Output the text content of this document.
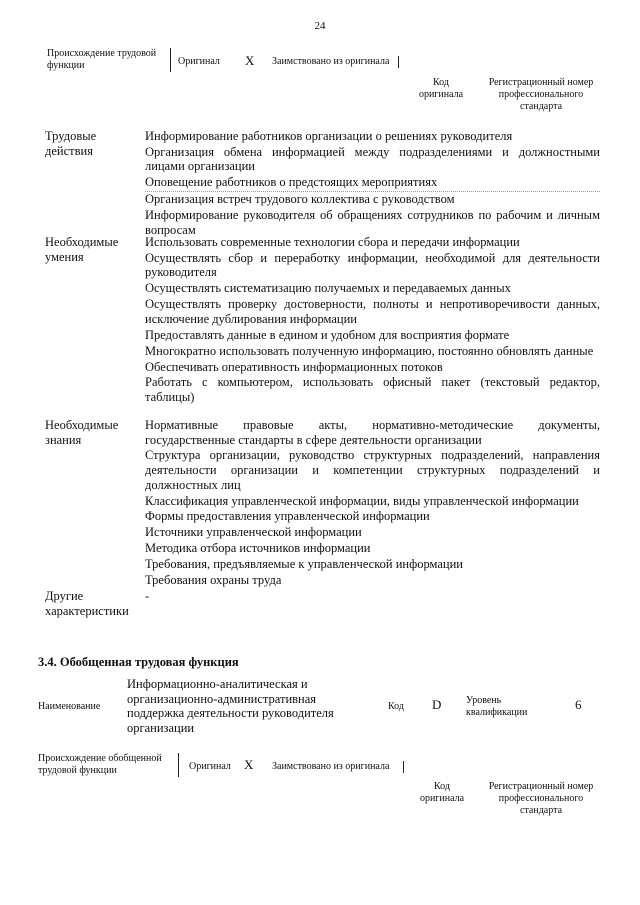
24
Происхождение трудовой функции	Оригинал X Заимствовано из оригинала
Код оригинала
Регистрационный номер профессионального стандарта
Трудовые действия
Информирование работников организации о решениях руководителя
Организация обмена информацией между подразделениями и должностными лицами организации
Оповещение работников о предстоящих мероприятиях
Организация встреч трудового коллектива с руководством
Информирование руководителя об обращениях сотрудников по рабочим и личным вопросам
Необходимые умения
Использовать современные технологии сбора и передачи информации
Осуществлять сбор и переработку информации, необходимой для деятельности руководителя
Осуществлять систематизацию получаемых и передаваемых данных
Осуществлять проверку достоверности, полноты и непротиворечивости данных, исключение дублирования информации
Предоставлять данные в едином и удобном для восприятия формате
Многократно использовать полученную информацию, постоянно обновлять данные
Обеспечивать оперативность информационных потоков
Работать с компьютером, использовать офисный пакет (текстовый редактор, таблицы)
Необходимые знания
Нормативные правовые акты, нормативно-методические документы, государственные стандарты в сфере деятельности организации
Структура организации, руководство структурных подразделений, направления деятельности организации и компетенции структурных подразделений и должностных лиц
Классификация управленческой информации, виды управленческой информации
Формы предоставления управленческой информации
Источники управленческой информации
Методика отбора источников информации
Требования, предъявляемые к управленческой информации
Требования охраны труда
Другие характеристики
-
3.4. Обобщенная трудовая функция
Наименование
Информационно-аналитическая и организационно-административная поддержка деятельности руководителя организации
Код D Уровень квалификации
6
Происхождение обобщенной трудовой функции	Оригинал X Заимствовано из оригинала
Код оригинала
Регистрационный номер профессионального стандарта
